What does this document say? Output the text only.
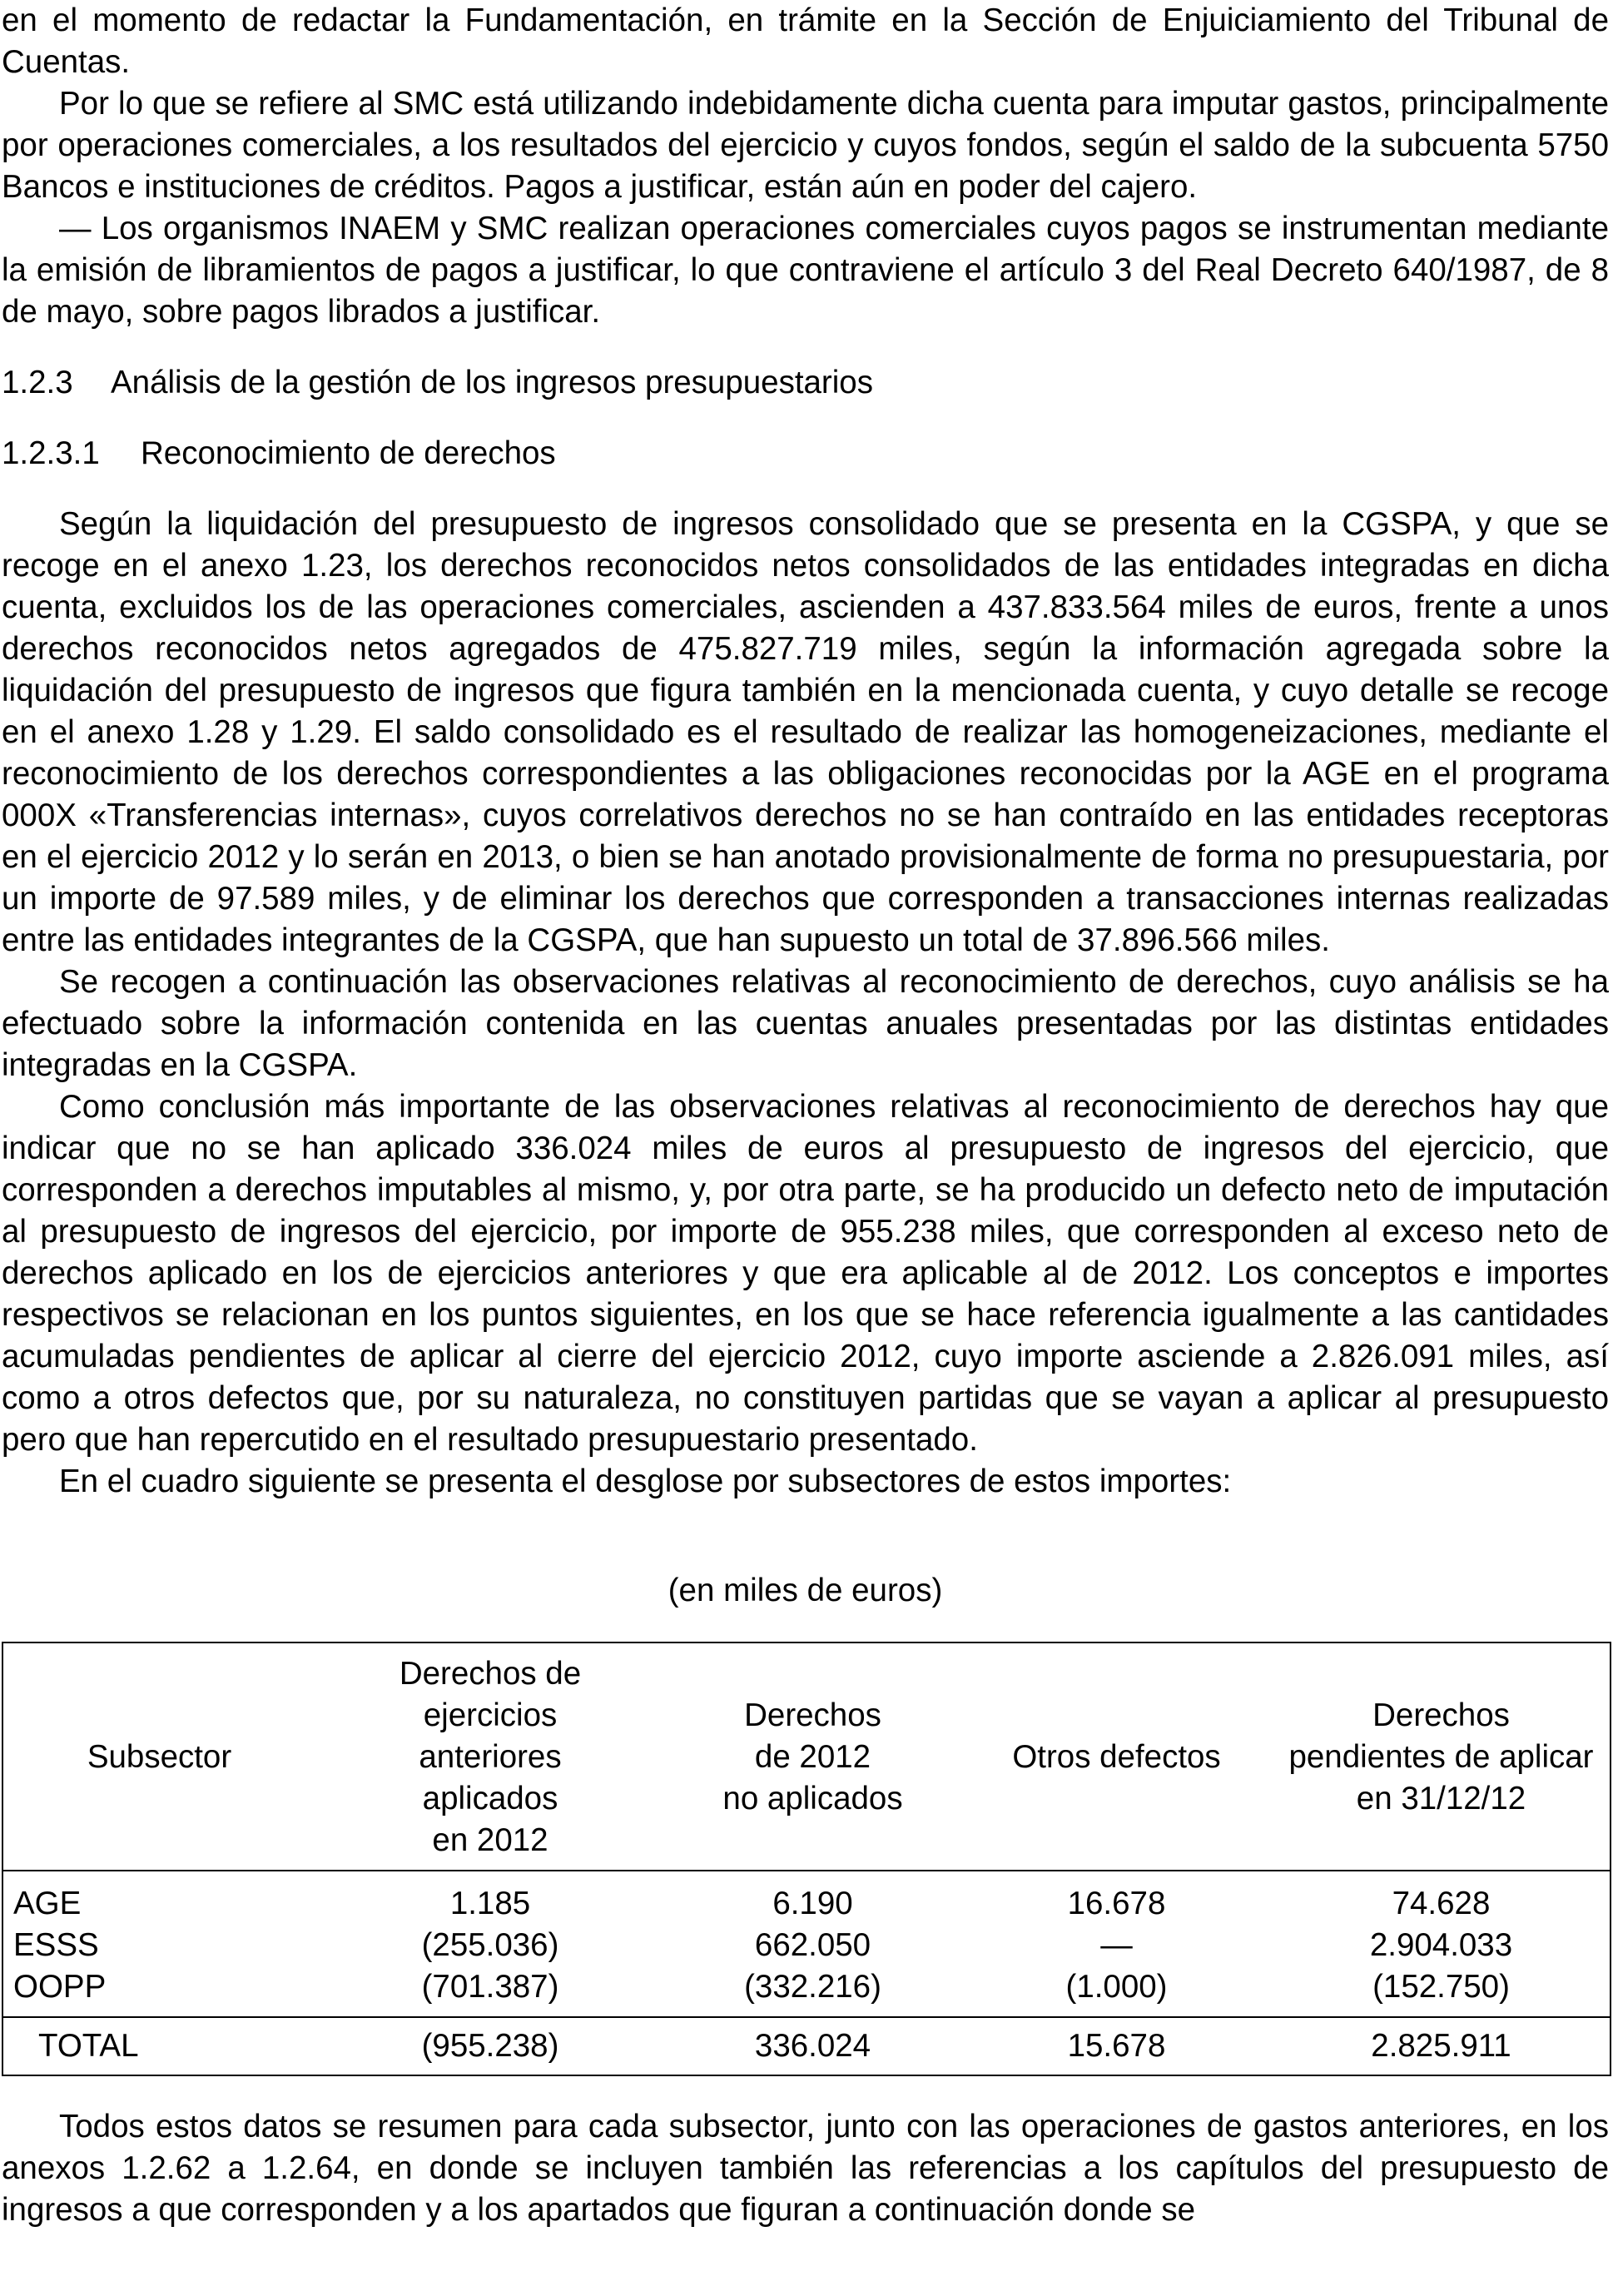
en el momento de redactar la Fundamentación, en trámite en la Sección de Enjuiciamiento del Tribunal de Cuentas.

Por lo que se refiere al SMC está utilizando indebidamente dicha cuenta para imputar gastos, principalmente por operaciones comerciales, a los resultados del ejercicio y cuyos fondos, según el saldo de la subcuenta 5750 Bancos e instituciones de créditos. Pagos a justificar, están aún en poder del cajero.

— Los organismos INAEM y SMC realizan operaciones comerciales cuyos pagos se instrumentan mediante la emisión de libramientos de pagos a justificar, lo que contraviene el artículo 3 del Real Decreto 640/1987, de 8 de mayo, sobre pagos librados a justificar.

1.2.3 Análisis de la gestión de los ingresos presupuestarios

1.2.3.1 Reconocimiento de derechos

Según la liquidación del presupuesto de ingresos consolidado que se presenta en la CGSPA, y que se recoge en el anexo 1.23, los derechos reconocidos netos consolidados de las entidades integradas en dicha cuenta, excluidos los de las operaciones comerciales, ascienden a 437.833.564 miles de euros, frente a unos derechos reconocidos netos agregados de 475.827.719 miles, según la información agregada sobre la liquidación del presupuesto de ingresos que figura también en la mencionada cuenta, y cuyo detalle se recoge en el anexo 1.28 y 1.29. El saldo consolidado es el resultado de realizar las homogeneizaciones, mediante el reconocimiento de los derechos correspondientes a las obligaciones reconocidas por la AGE en el programa 000X «Transferencias internas», cuyos correlativos derechos no se han contraído en las entidades receptoras en el ejercicio 2012 y lo serán en 2013, o bien se han anotado provisionalmente de forma no presupuestaria, por un importe de 97.589 miles, y de eliminar los derechos que corresponden a transacciones internas realizadas entre las entidades integrantes de la CGSPA, que han supuesto un total de 37.896.566 miles.

Se recogen a continuación las observaciones relativas al reconocimiento de derechos, cuyo análisis se ha efectuado sobre la información contenida en las cuentas anuales presentadas por las distintas entidades integradas en la CGSPA.

Como conclusión más importante de las observaciones relativas al reconocimiento de derechos hay que indicar que no se han aplicado 336.024 miles de euros al presupuesto de ingresos del ejercicio, que corresponden a derechos imputables al mismo, y, por otra parte, se ha producido un defecto neto de imputación al presupuesto de ingresos del ejercicio, por importe de 955.238 miles, que corresponden al exceso neto de derechos aplicado en los de ejercicios anteriores y que era aplicable al de 2012. Los conceptos e importes respectivos se relacionan en los puntos siguientes, en los que se hace referencia igualmente a las cantidades acumuladas pendientes de aplicar al cierre del ejercicio 2012, cuyo importe asciende a 2.826.091 miles, así como a otros defectos que, por su naturaleza, no constituyen partidas que se vayan a aplicar al presupuesto pero que han repercutido en el resultado presupuestario presentado.

En el cuadro siguiente se presenta el desglose por subsectores de estos importes:

(en miles de euros)

Subsector	Derechos de
ejercicios
anteriores
aplicados
en 2012	Derechos
de 2012
no aplicados	Otros defectos	Derechos
pendientes de aplicar
en 31/12/12

AGE	1.185	6.190	16.678	74.628
ESSS	(255.036)	662.050	—	2.904.033
OOPP	(701.387)	(332.216)	(1.000)	(152.750)
TOTAL	(955.238)	336.024	15.678	2.825.911

Todos estos datos se resumen para cada subsector, junto con las operaciones de gastos anteriores, en los anexos 1.2.62 a 1.2.64, en donde se incluyen también las referencias a los capítulos del presupuesto de ingresos a que corresponden y a los apartados que figuran a continuación donde se
